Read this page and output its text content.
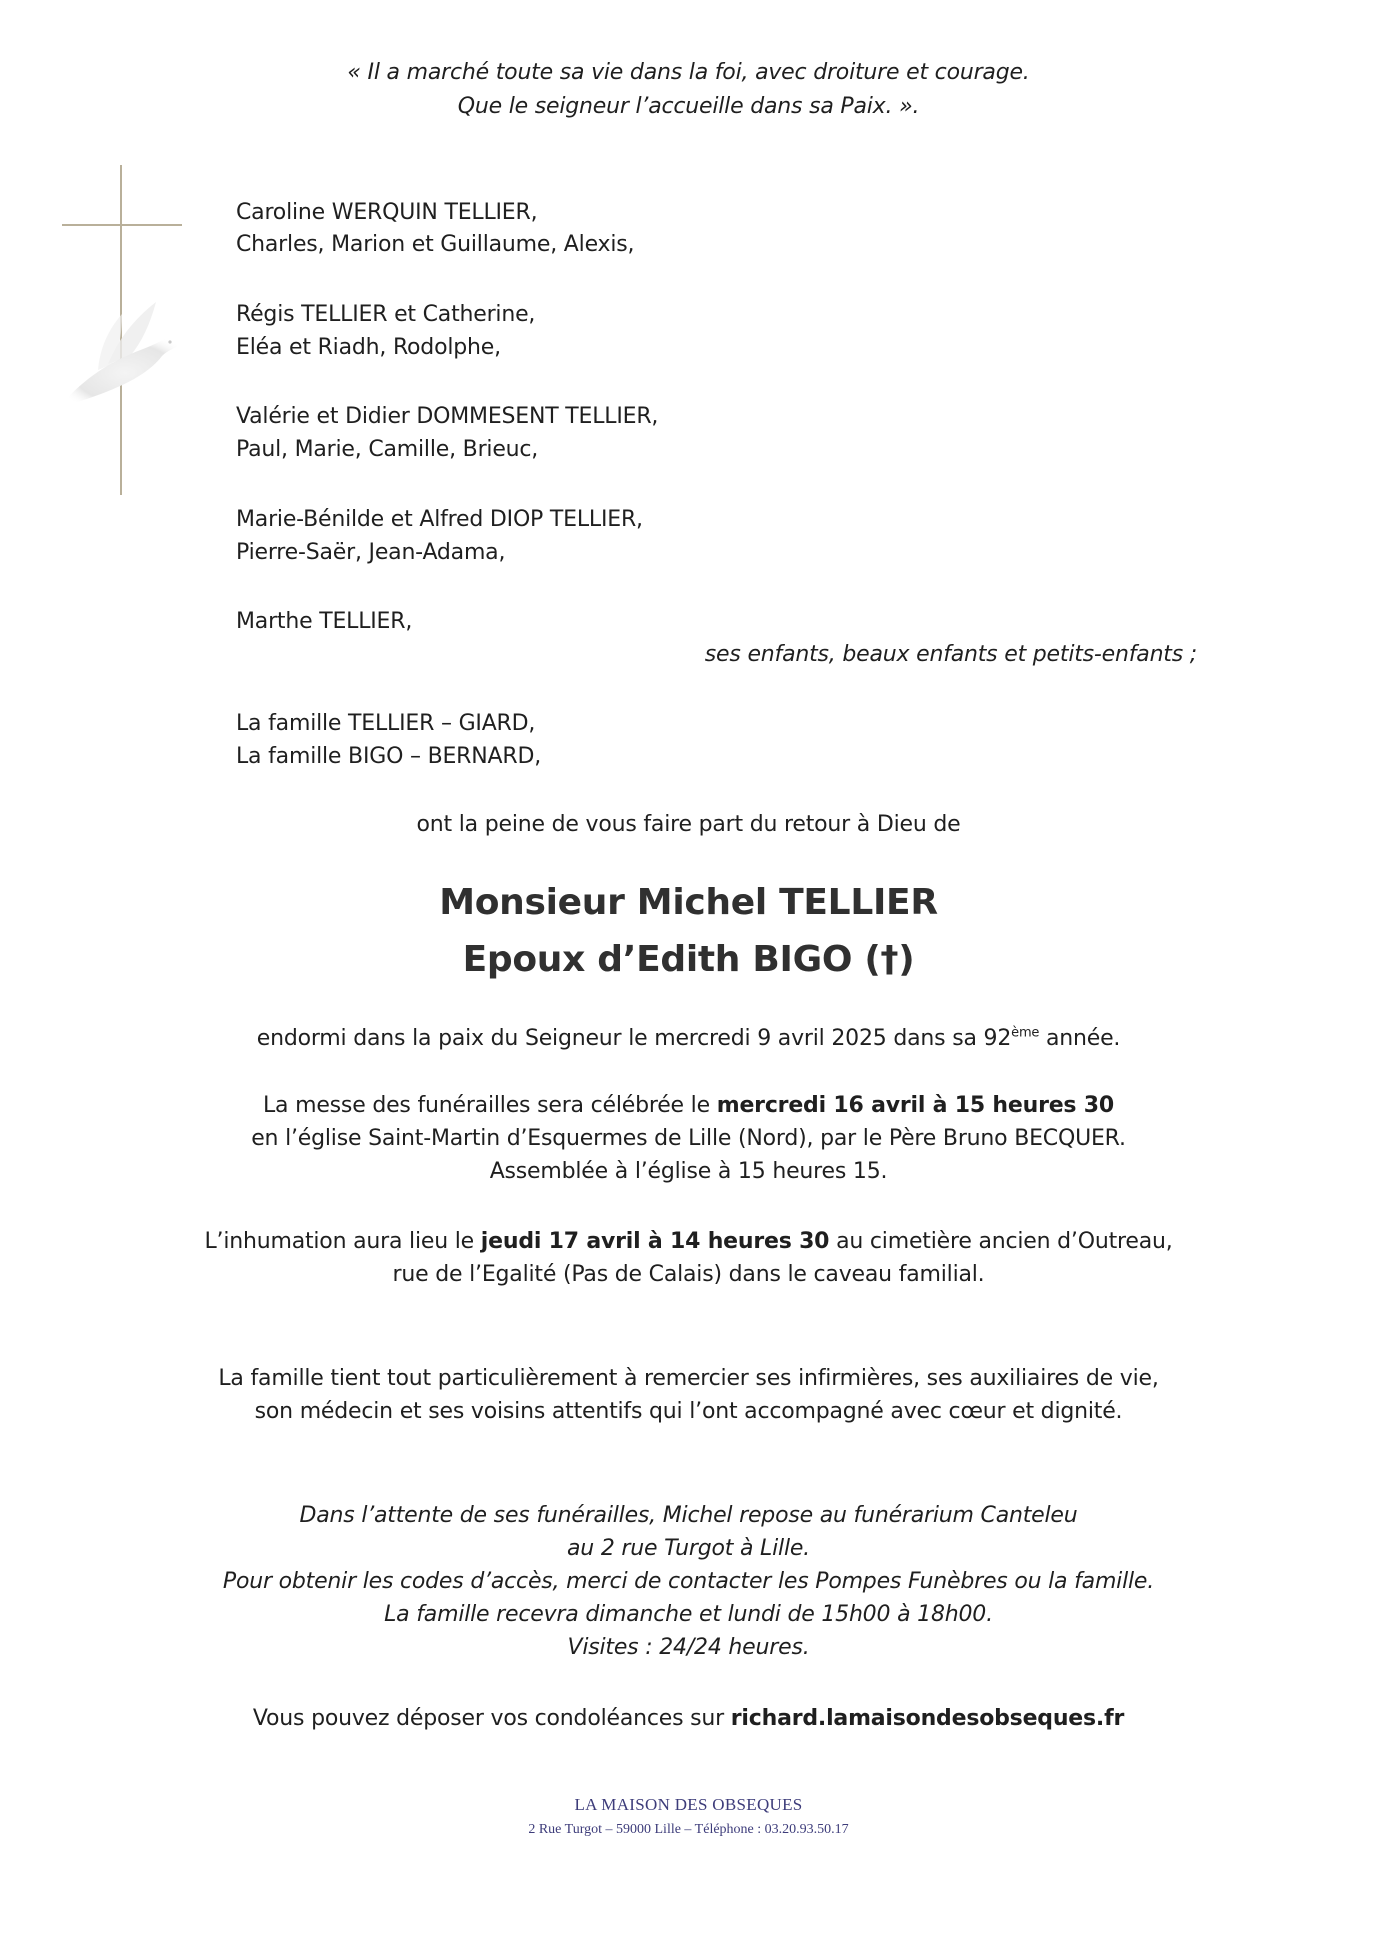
« Il a marché toute sa vie dans la foi, avec droiture et courage.
Que le seigneur l’accueille dans sa Paix. ».
Caroline WERQUIN TELLIER,
Charles, Marion et Guillaume, Alexis,
Régis TELLIER et Catherine,
Eléa et Riadh, Rodolphe,
Valérie et Didier DOMMESENT TELLIER,
Paul, Marie, Camille, Brieuc,
Marie-Bénilde et Alfred DIOP TELLIER,
Pierre-Saër, Jean-Adama,
Marthe TELLIER,
ses enfants, beaux enfants et petits-enfants ;
La famille TELLIER – GIARD,
La famille BIGO – BERNARD,
ont la peine de vous faire part du retour à Dieu de
Monsieur Michel TELLIER
Epoux d’Edith BIGO (†)
endormi dans la paix du Seigneur le mercredi 9 avril 2025 dans sa 92ème année.
La messe des funérailles sera célébrée le mercredi 16 avril à 15 heures 30
en l’église Saint-Martin d’Esquermes de Lille (Nord), par le Père Bruno BECQUER.
Assemblée à l’église à 15 heures 15.
L’inhumation aura lieu le jeudi 17 avril à 14 heures 30 au cimetière ancien d’Outreau,
rue de l’Egalité (Pas de Calais) dans le caveau familial.
La famille tient tout particulièrement à remercier ses infirmières, ses auxiliaires de vie,
son médecin et ses voisins attentifs qui l’ont accompagné avec cœur et dignité.
Dans l’attente de ses funérailles, Michel repose au funérarium Canteleu
au 2 rue Turgot à Lille.
Pour obtenir les codes d’accès, merci de contacter les Pompes Funèbres ou la famille.
La famille recevra dimanche et lundi de 15h00 à 18h00.
Visites : 24/24 heures.
Vous pouvez déposer vos condoléances sur richard.lamaisondesobseques.fr
LA MAISON DES OBSEQUES
2 Rue Turgot – 59000 Lille – Téléphone : 03.20.93.50.17
